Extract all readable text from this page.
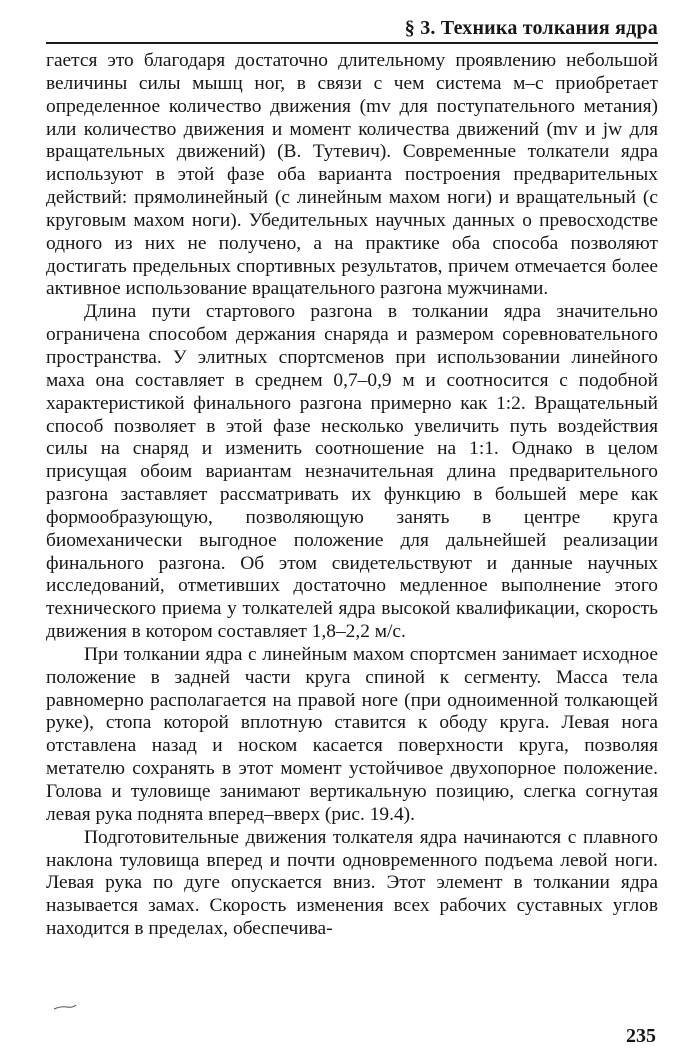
§ 3. Техника толкания ядра

гается это благодаря достаточно длительному проявлению небольшой величины силы мышц ног, в связи с чем система м–с приобретает определенное количество движения (mv для поступательного метания) или количество движения и момент количества движений (mv и jw для вращательных движений) (В. Тутевич). Современные толкатели ядра используют в этой фазе оба варианта построения предварительных действий: прямолинейный (с линейным махом ноги) и вращательный (с круговым махом ноги). Убедительных научных данных о превосходстве одного из них не получено, а на практике оба способа позволяют достигать предельных спортивных результатов, причем отмечается более активное использование вращательного разгона мужчинами.

Длина пути стартового разгона в толкании ядра значительно ограничена способом держания снаряда и размером соревновательного пространства. У элитных спортсменов при использовании линейного маха она составляет в среднем 0,7–0,9 м и соотносится с подобной характеристикой финального разгона примерно как 1:2. Вращательный способ позволяет в этой фазе несколько увеличить путь воздействия силы на снаряд и изменить соотношение на 1:1. Однако в целом присущая обоим вариантам незначительная длина предварительного разгона заставляет рассматривать их функцию в большей мере как формообразующую, позволяющую занять в центре круга биомеханически выгодное положение для дальнейшей реализации финального разгона. Об этом свидетельствуют и данные научных исследований, отметивших достаточно медленное выполнение этого технического приема у толкателей ядра высокой квалификации, скорость движения в котором составляет 1,8–2,2 м/с.

При толкании ядра с линейным махом спортсмен занимает исходное положение в задней части круга спиной к сегменту. Масса тела равномерно располагается на правой ноге (при одноименной толкающей руке), стопа которой вплотную ставится к ободу круга. Левая нога отставлена назад и носком касается поверхности круга, позволяя метателю сохранять в этот момент устойчивое двухопорное положение. Голова и туловище занимают вертикальную позицию, слегка согнутая левая рука поднята вперед–вверх (рис. 19.4).

Подготовительные движения толкателя ядра начинаются с плавного наклона туловища вперед и почти одновременного подъема левой ноги. Левая рука по дуге опускается вниз. Этот элемент в толкании ядра называется замах. Скорость изменения всех рабочих суставных углов находится в пределах, обеспечива-

235
